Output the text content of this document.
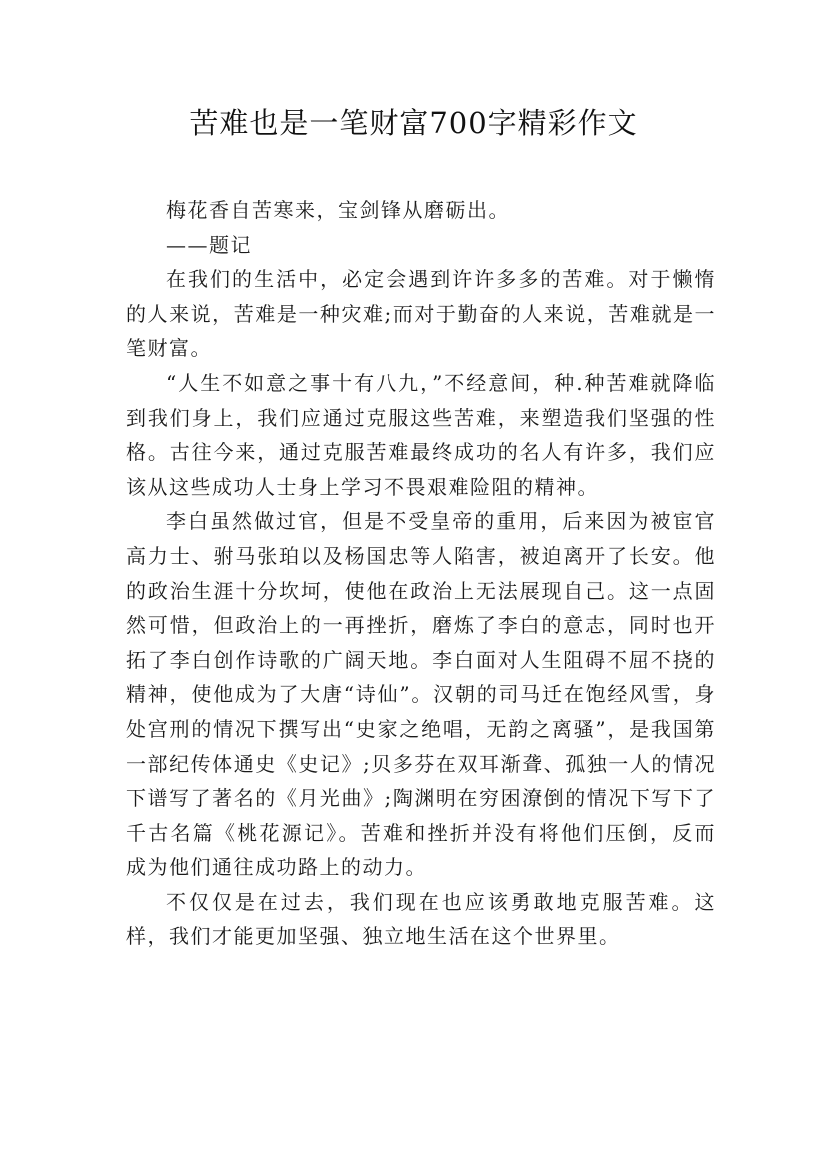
苦难也是一笔财富700字精彩作文

梅花香自苦寒来，宝剑锋从磨砺出。

——题记

在我们的生活中，必定会遇到许许多多的苦难。对于懒惰的人来说，苦难是一种灾难;而对于勤奋的人来说，苦难就是一笔财富。

“人生不如意之事十有八九，”不经意间，种.种苦难就降临到我们身上，我们应通过克服这些苦难，来塑造我们坚强的性格。古往今来，通过克服苦难最终成功的名人有许多，我们应该从这些成功人士身上学习不畏艰难险阻的精神。

李白虽然做过官，但是不受皇帝的重用，后来因为被宦官高力士、驸马张珀以及杨国忠等人陷害，被迫离开了长安。他的政治生涯十分坎坷，使他在政治上无法展现自己。这一点固然可惜，但政治上的一再挫折，磨炼了李白的意志，同时也开拓了李白创作诗歌的广阔天地。李白面对人生阻碍不屈不挠的精神，使他成为了大唐“诗仙”。汉朝的司马迁在饱经风雪，身处宫刑的情况下撰写出“史家之绝唱，无韵之离骚”，是我国第一部纪传体通史《史记》;贝多芬在双耳渐聋、孤独一人的情况下谱写了著名的《月光曲》;陶渊明在穷困潦倒的情况下写下了千古名篇《桃花源记》。苦难和挫折并没有将他们压倒，反而成为他们通往成功路上的动力。

不仅仅是在过去，我们现在也应该勇敢地克服苦难。这样，我们才能更加坚强、独立地生活在这个世界里。
